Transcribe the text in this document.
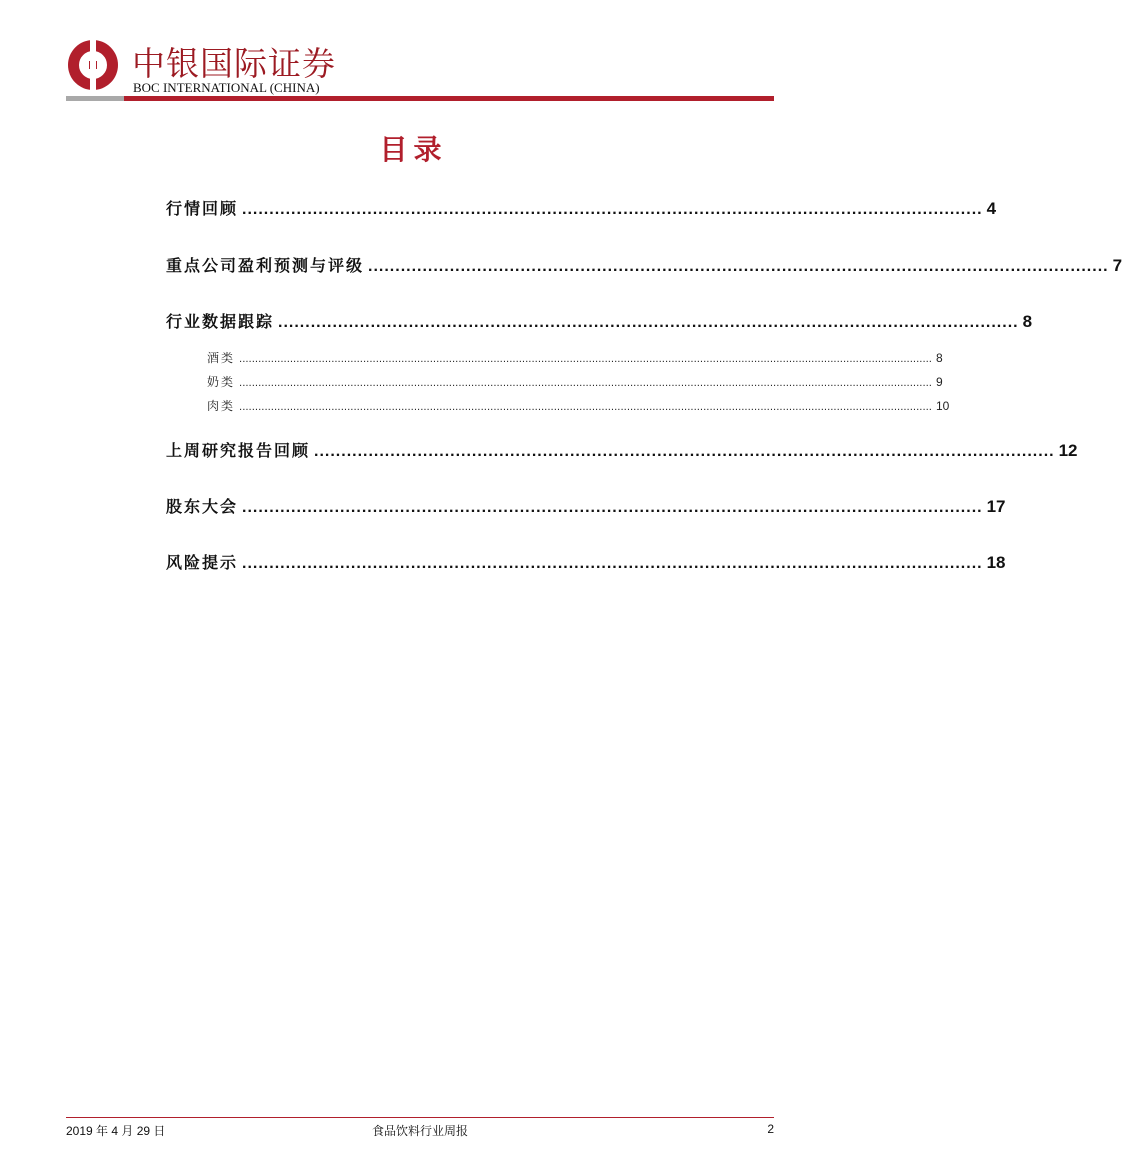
中银国际证券
BOC INTERNATIONAL (CHINA)
目录
行情回顾 ........................................................................................................................................ 4
重点公司盈利预测与评级 ........................................................................................................................................ 7
行业数据跟踪 ........................................................................................................................................ 8
酒类 .......................................................................................................................................................................................................................... 8
奶类 .......................................................................................................................................................................................................................... 9
肉类 .......................................................................................................................................................................................................................... 10
上周研究报告回顾 ........................................................................................................................................ 12
股东大会 ........................................................................................................................................ 17
风险提示 ........................................................................................................................................ 18
2019 年 4 月 29 日	食品饮料行业周报	2
